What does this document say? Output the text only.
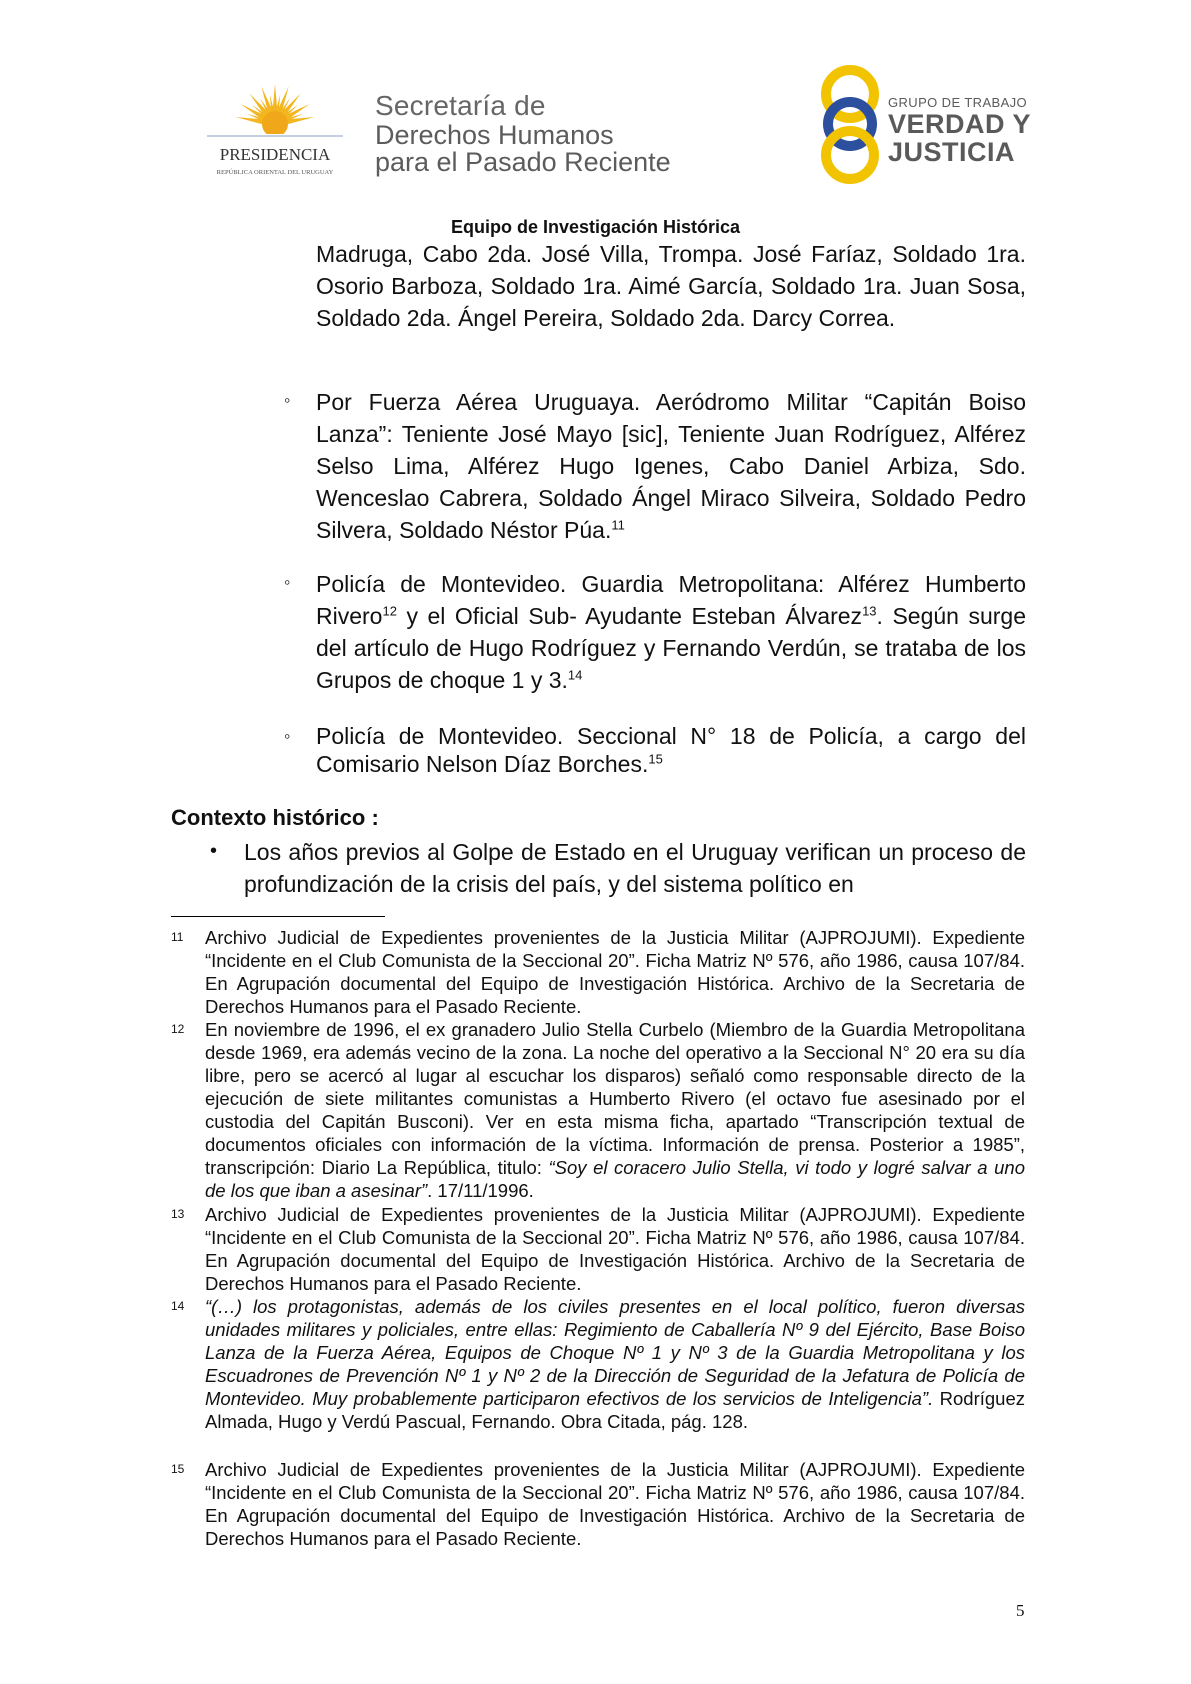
PRESIDENCIA
REPÚBLICA ORIENTAL DEL URUGUAY
Secretaría de
Derechos Humanos
para el Pasado Reciente
GRUPO DE TRABAJO
VERDAD Y
JUSTICIA
Equipo de Investigación Histórica
Madruga, Cabo 2da. José Villa, Trompa. José Faríaz, Soldado 1ra. Osorio Barboza, Soldado 1ra. Aimé García, Soldado 1ra. Juan Sosa, Soldado 2da. Ángel Pereira, Soldado 2da. Darcy Correa.
◦ Por Fuerza Aérea Uruguaya. Aeródromo Militar “Capitán Boiso Lanza”: Teniente José Mayo [sic], Teniente Juan Rodríguez, Alférez Selso Lima, Alférez Hugo Igenes, Cabo Daniel Arbiza, Sdo. Wenceslao Cabrera, Soldado Ángel Miraco Silveira, Soldado Pedro Silvera, Soldado Néstor Púa.$^{11}$
◦ Policía de Montevideo. Guardia Metropolitana: Alférez Humberto Rivero$^{12}$ y el Oficial Sub- Ayudante Esteban Álvarez$^{13}$. Según surge del artículo de Hugo Rodríguez y Fernando Verdún, se trataba de los Grupos de choque 1 y 3.14
◦ Policía de Montevideo. Seccional N° 18 de Policía, a cargo del Comisario Nelson Díaz Borches.$^{15}$
Contexto histórico :
• Los años previos al Golpe de Estado en el Uruguay verifican un proceso de profundización de la crisis del país, y del sistema político en
11 Archivo Judicial de Expedientes provenientes de la Justicia Militar (AJPROJUMI). Expediente “Incidente en el Club Comunista de la Seccional 20”. Ficha Matriz Nº 576, año 1986, causa 107/84. En Agrupación documental del Equipo de Investigación Histórica. Archivo de la Secretaria de Derechos Humanos para el Pasado Reciente.
12 En noviembre de 1996, el ex granadero Julio Stella Curbelo (Miembro de la Guardia Metropolitana desde 1969, era además vecino de la zona. La noche del operativo a la Seccional N° 20 era su día libre, pero se acercó al lugar al escuchar los disparos) señaló como responsable directo de la ejecución de siete militantes comunistas a Humberto Rivero (el octavo fue asesinado por el custodia del Capitán Busconi). Ver en esta misma ficha, apartado “Transcripción textual de documentos oficiales con información de la víctima. Información de prensa. Posterior a 1985”, transcripción: Diario La República, titulo: “Soy el coracero Julio Stella, vi todo y logré salvar a uno de los que iban a asesinar”. 17/11/1996.
13 Archivo Judicial de Expedientes provenientes de la Justicia Militar (AJPROJUMI). Expediente “Incidente en el Club Comunista de la Seccional 20”. Ficha Matriz Nº 576, año 1986, causa 107/84. En Agrupación documental del Equipo de Investigación Histórica. Archivo de la Secretaria de Derechos Humanos para el Pasado Reciente.
14 “(…) los protagonistas, además de los civiles presentes en el local político, fueron diversas unidades militares y policiales, entre ellas: Regimiento de Caballería Nº 9 del Ejército, Base Boiso Lanza de la Fuerza Aérea, Equipos de Choque Nº 1 y Nº 3 de la Guardia Metropolitana y los Escuadrones de Prevención Nº 1 y Nº 2 de la Dirección de Seguridad de la Jefatura de Policía de Montevideo. Muy probablemente participaron efectivos de los servicios de Inteligencia”. Rodríguez Almada, Hugo y Verdú Pascual, Fernando. Obra Citada, pág. 128.
15 Archivo Judicial de Expedientes provenientes de la Justicia Militar (AJPROJUMI). Expediente “Incidente en el Club Comunista de la Seccional 20”. Ficha Matriz Nº 576, año 1986, causa 107/84. En Agrupación documental del Equipo de Investigación Histórica. Archivo de la Secretaria de Derechos Humanos para el Pasado Reciente.
5
